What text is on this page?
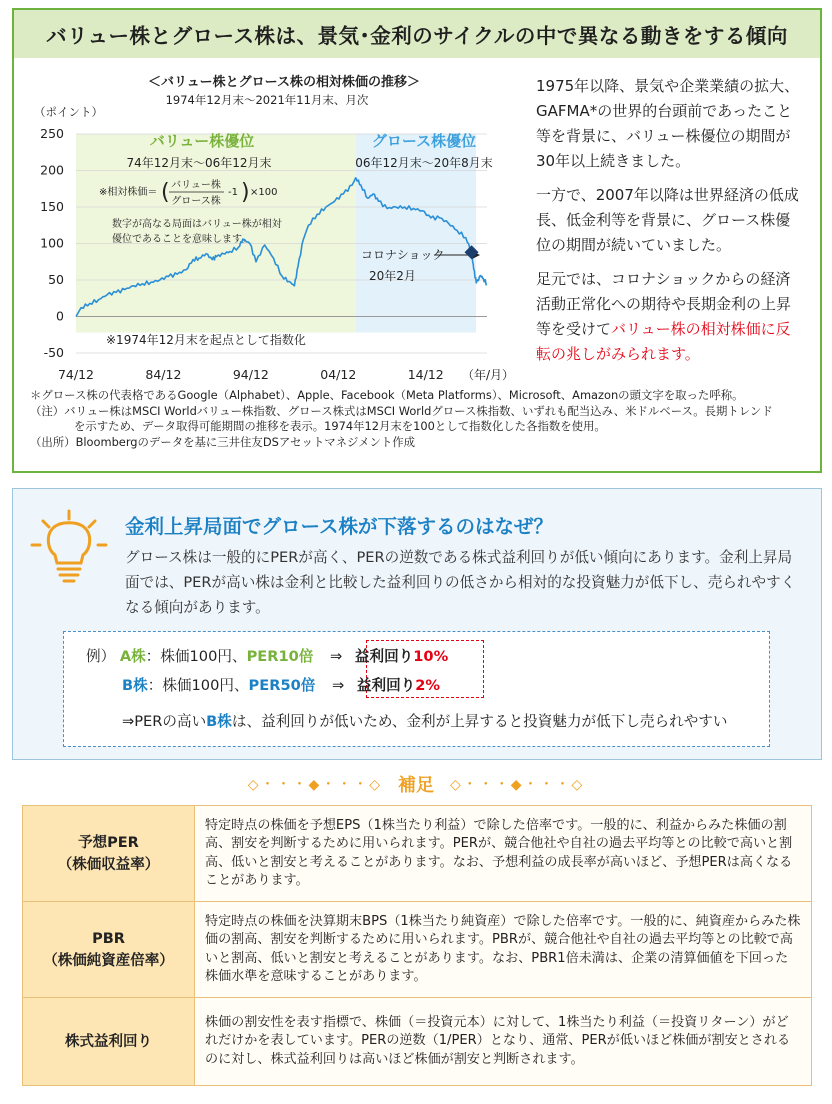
バリュー株とグロース株は、景気･金利のサイクルの中で異なる動きをする傾向
-50
0
50
100
150
200
250
74/12	84/12	94/12	04/12	14/12
＜バリュー株とグロース株の相対株価の推移＞
1974年12月末～2021年11月末、月次
（ポイント）
バリュー株優位
74年12月末～06年12月末
グロース株優位
06年12月末～20年8月末
※相対株価＝
バリュー株
グロース株
(	)
-1 ×100
数字が高なる局面はバリュー株が相対
優位であることを意味します。
コロナショック
20年2月
※1974年12月末を起点として指数化
（年/月）

1975年以降、景気や企業業績の拡大、GAFMA*の世界的台頭前であったこと等を背景に、バリュー株優位の期間が30年以上続きました。

一方で、2007年以降は世界経済の低成長、低金利等を背景に、グロース株優位の期間が続いていました。

足元では、コロナショックからの経済活動正常化への期待や長期金利の上昇等を受けてバリュー株の相対株価に反転の兆しがみられます。

＊グロース株の代表格であるGoogle（Alphabet）、Apple、Facebook（Meta Platforms）、Microsoft、Amazonの頭文字を取った呼称。
（注）バリュー株はMSCI Worldバリュー株指数、グロース株式はMSCI Worldグロース株指数、いずれも配当込み、米ドルベース。長期トレンド
を示すため、データ取得可能期間の推移を表示。1974年12月末を100として指数化した各指数を使用。
（出所）Bloombergのデータを基に三井住友DSアセットマネジメント作成
金利上昇局面でグロース株が下落するのはなぜ？
グロース株は一般的にPERが高く、PERの逆数である株式益利回りが低い傾向にあります。金利上昇局面では、PERが高い株は金利と比較した益利回りの低さから相対的な投資魅力が低下し、売られやすくなる傾向があります。
例） A株：株価100円、PER10倍 ⇒ 益利回り10%
B株：株価100円、PER50倍 ⇒ 益利回り2%
⇒PERの高いB株は、益利回りが低いため、金利が上昇すると投資魅力が低下し売られやすい
◇・・・◆・・・◇ 補足 ◇・・・◆・・・◇
予想PER
（株価収益率）	特定時点の株価を予想EPS（1株当たり利益）で除した倍率です。一般的に、利益からみた株価の割高、割安を判断するために用いられます。PERが、競合他社や自社の過去平均等との比較で高いと割高、低いと割安と考えることがあります。なお、予想利益の成長率が高いほど、予想PERは高くなることがあります。

PBR
（株価純資産倍率）	特定時点の株価を決算期末BPS（1株当たり純資産）で除した倍率です。一般的に、純資産からみた株価の割高、割安を判断するために用いられます。PBRが、競合他社や自社の過去平均等との比較で高いと割高、低いと割安と考えることがあります。なお、PBR1倍未満は、企業の清算価値を下回った株価水準を意味することがあります。

株式益利回り	株価の割安性を表す指標で、株価（＝投資元本）に対して、1株当たり利益（＝投資リターン）がどれだけかを表しています。PERの逆数（1/PER）となり、通常、PERが低いほど株価が割安とされるのに対し、株式益利回りは高いほど株価が割安と判断されます。
